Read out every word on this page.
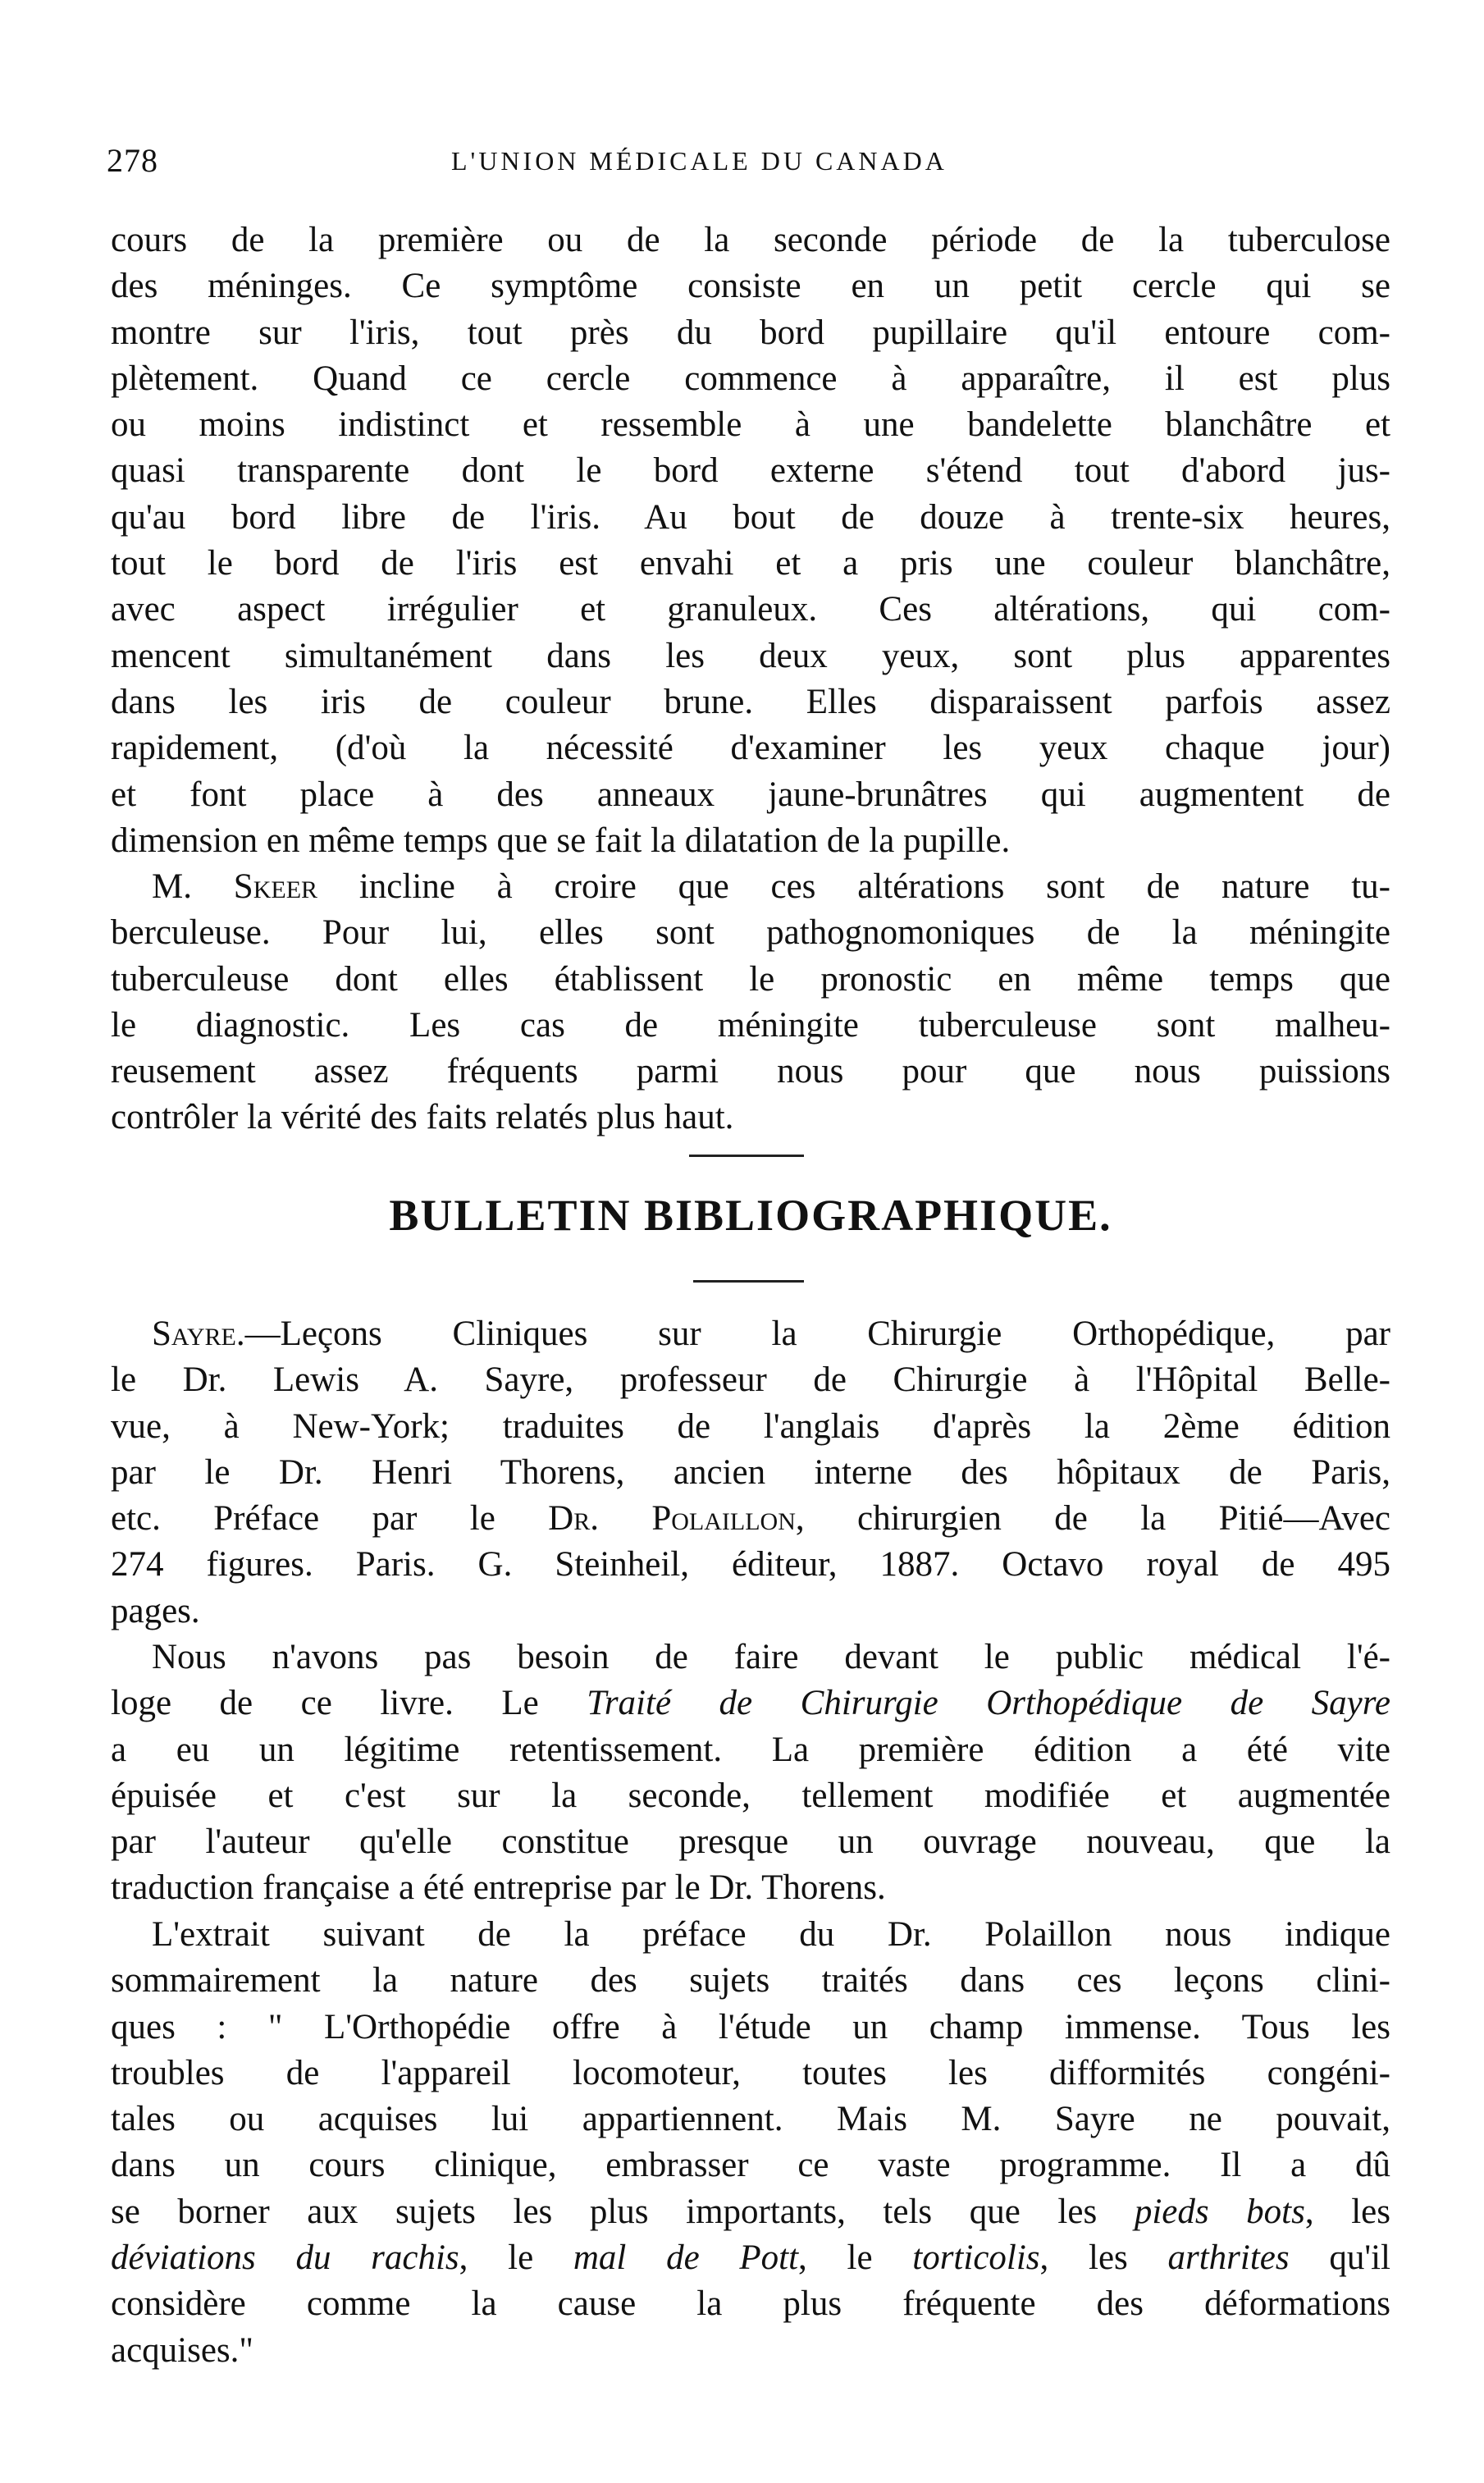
278	L'UNION MÉDICALE DU CANADA
cours de la première ou de la seconde période de la tuberculose
des méninges. Ce symptôme consiste en un petit cercle qui se
montre sur l'iris, tout près du bord pupillaire qu'il entoure com-
plètement. Quand ce cercle commence à apparaître, il est plus
ou moins indistinct et ressemble à une bandelette blanchâtre et
quasi transparente dont le bord externe s'étend tout d'abord jus-
qu'au bord libre de l'iris. Au bout de douze à trente-six heures,
tout le bord de l'iris est envahi et a pris une couleur blanchâtre,
avec aspect irrégulier et granuleux. Ces altérations, qui com-
mencent simultanément dans les deux yeux, sont plus apparentes
dans les iris de couleur brune. Elles disparaissent parfois assez
rapidement, (d'où la nécessité d'examiner les yeux chaque jour)
et font place à des anneaux jaune-brunâtres qui augmentent de
dimension en même temps que se fait la dilatation de la pupille.
M. Skeer incline à croire que ces altérations sont de nature tu-
berculeuse. Pour lui, elles sont pathognomoniques de la méningite
tuberculeuse dont elles établissent le pronostic en même temps que
le diagnostic. Les cas de méningite tuberculeuse sont malheu-
reusement assez fréquents parmi nous pour que nous puissions
contrôler la vérité des faits relatés plus haut.
BULLETIN BIBLIOGRAPHIQUE.
Sayre.—Leçons Cliniques sur la Chirurgie Orthopédique, par
le Dr. Lewis A. Sayre, professeur de Chirurgie à l'Hôpital Belle-
vue, à New-York; traduites de l'anglais d'après la 2ème édition
par le Dr. Henri Thorens, ancien interne des hôpitaux de Paris,
etc. Préface par le Dr. Polaillon, chirurgien de la Pitié—Avec
274 figures. Paris. G. Steinheil, éditeur, 1887. Octavo royal de 495
pages.
Nous n'avons pas besoin de faire devant le public médical l'é-
loge de ce livre. Le Traité de Chirurgie Orthopédique de Sayre
a eu un légitime retentissement. La première édition a été vite
épuisée et c'est sur la seconde, tellement modifiée et augmentée
par l'auteur qu'elle constitue presque un ouvrage nouveau, que la
traduction française a été entreprise par le Dr. Thorens.
L'extrait suivant de la préface du Dr. Polaillon nous indique
sommairement la nature des sujets traités dans ces leçons clini-
ques : " L'Orthopédie offre à l'étude un champ immense. Tous les
troubles de l'appareil locomoteur, toutes les difformités congéni-
tales ou acquises lui appartiennent. Mais M. Sayre ne pouvait,
dans un cours clinique, embrasser ce vaste programme. Il a dû
se borner aux sujets les plus importants, tels que les pieds bots, les
déviations du rachis, le mal de Pott, le torticolis, les arthrites qu'il
considère comme la cause la plus fréquente des déformations
acquises."
